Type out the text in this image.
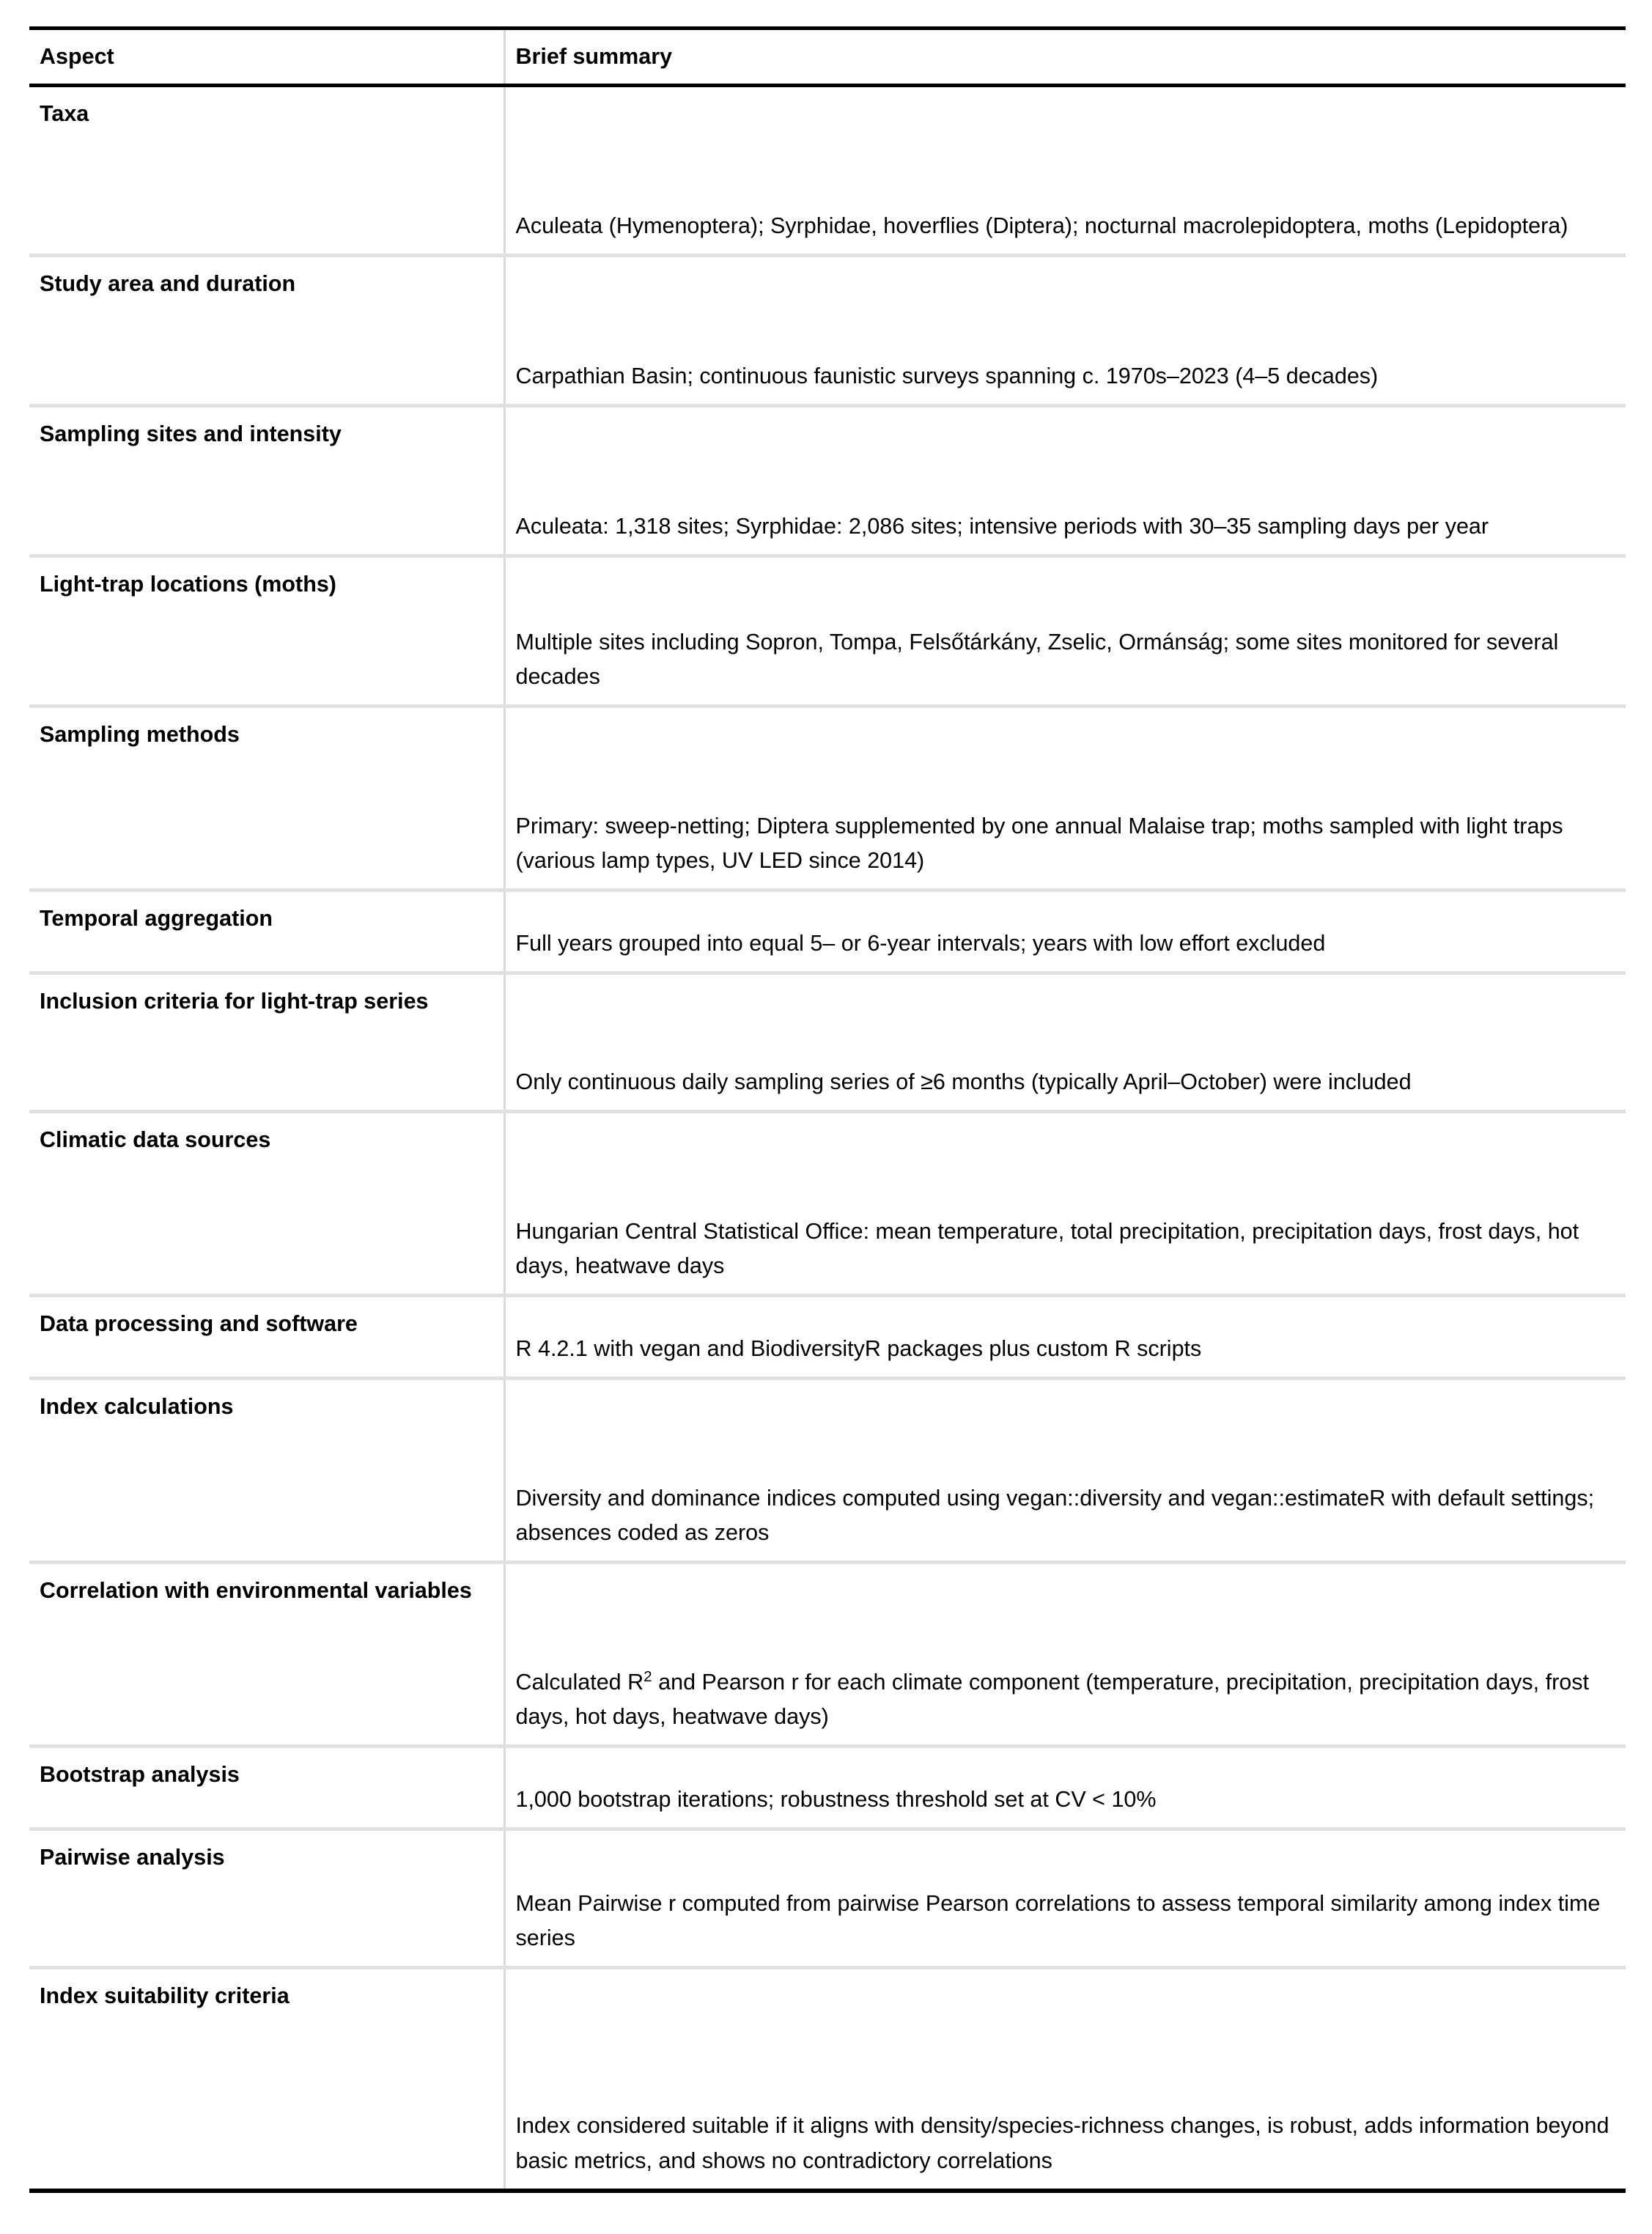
Aspect	Brief summary

Taxa	Aculeata (Hymenoptera); Syrphidae, hoverflies (Diptera); nocturnal macrolepidoptera, moths (Lepidoptera)

Study area and duration	Carpathian Basin; continuous faunistic surveys spanning c. 1970s–2023 (4–5 decades)

Sampling sites and intensity	Aculeata: 1,318 sites; Syrphidae: 2,086 sites; intensive periods with 30–35 sampling days per year

Light-trap locations (moths)	Multiple sites including Sopron, Tompa, Felsőtárkány, Zselic, Ormánság; some sites monitored for several decades

Sampling methods	Primary: sweep-netting; Diptera supplemented by one annual Malaise trap; moths sampled with light traps (various lamp types, UV LED since 2014)

Temporal aggregation	Full years grouped into equal 5– or 6-year intervals; years with low effort excluded

Inclusion criteria for light-trap series	Only continuous daily sampling series of ≥6 months (typically April–October) were included

Climatic data sources	Hungarian Central Statistical Office: mean temperature, total precipitation, precipitation days, frost days, hot days, heatwave days

Data processing and software	R 4.2.1 with vegan and BiodiversityR packages plus custom R scripts

Index calculations	Diversity and dominance indices computed using vegan::diversity and vegan::estimateR with default settings; absences coded as zeros

Correlation with environmental variables	Calculated $R^2$ and Pearson r for each climate component (temperature, precipitation, precipitation days, frost days, hot days, heatwave days)

Bootstrap analysis	1,000 bootstrap iterations; robustness threshold set at CV < 10%

Pairwise analysis	Mean Pairwise r computed from pairwise Pearson correlations to assess temporal similarity among index time series

Index suitability criteria	Index considered suitable if it aligns with density/species-richness changes, is robust, adds information beyond basic metrics, and shows no contradictory correlations
